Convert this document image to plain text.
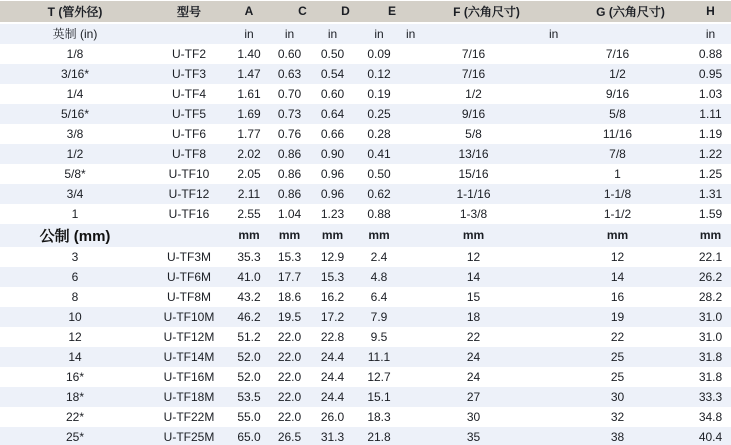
T (管外径)	型号	A	C	D	E	F (六角尺寸)	G (六角尺寸)	H
英制 (in)		in	in	in	in	in	in	in
1/8	U-TF2	1.40	0.60	0.50	0.09	7/16	7/16	0.88
3/16*	U-TF3	1.47	0.63	0.54	0.12	7/16	1/2	0.95
1/4	U-TF4	1.61	0.70	0.60	0.19	1/2	9/16	1.03
5/16*	U-TF5	1.69	0.73	0.64	0.25	9/16	5/8	1.11
3/8	U-TF6	1.77	0.76	0.66	0.28	5/8	11/16	1.19
1/2	U-TF8	2.02	0.86	0.90	0.41	13/16	7/8	1.22
5/8*	U-TF10	2.05	0.86	0.96	0.50	15/16	1	1.25
3/4	U-TF12	2.11	0.86	0.96	0.62	1-1/16	1-1/8	1.31
1	U-TF16	2.55	1.04	1.23	0.88	1-3/8	1-1/2	1.59
公制 (mm)		mm	mm	mm	mm	mm	mm	mm
3	U-TF3M	35.3	15.3	12.9	2.4	12	12	22.1
6	U-TF6M	41.0	17.7	15.3	4.8	14	14	26.2
8	U-TF8M	43.2	18.6	16.2	6.4	15	16	28.2
10	U-TF10M	46.2	19.5	17.2	7.9	18	19	31.0
12	U-TF12M	51.2	22.0	22.8	9.5	22	22	31.0
14	U-TF14M	52.0	22.0	24.4	11.1	24	25	31.8
16*	U-TF16M	52.0	22.0	24.4	12.7	24	25	31.8
18*	U-TF18M	53.5	22.0	24.4	15.1	27	30	33.3
22*	U-TF22M	55.0	22.0	26.0	18.3	30	32	34.8
25*	U-TF25M	65.0	26.5	31.3	21.8	35	38	40.4
